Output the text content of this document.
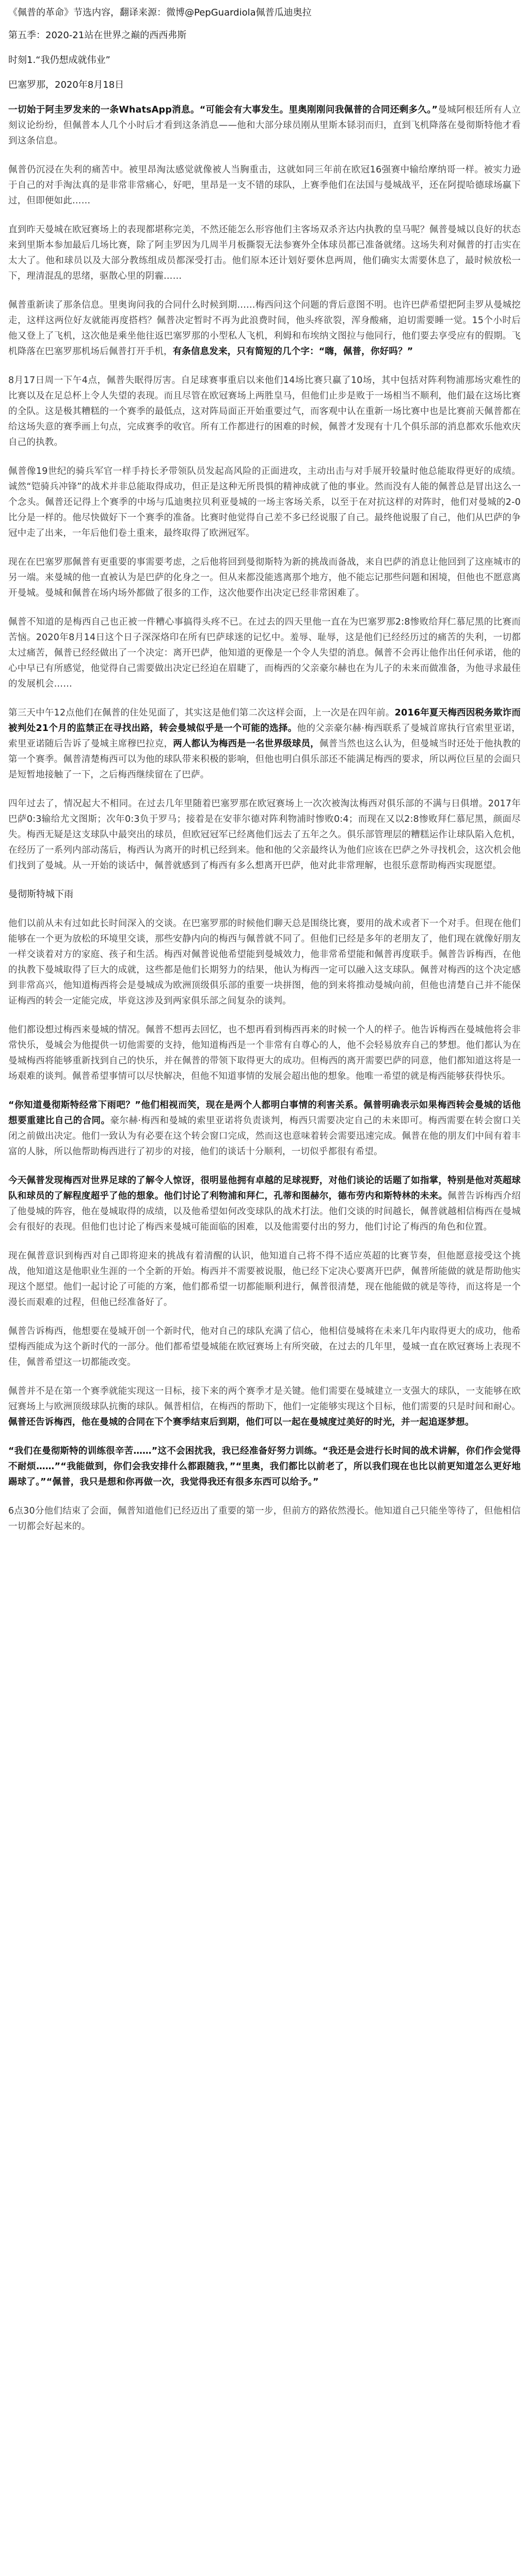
《佩普的革命》节选内容，翻译来源：微博@PepGuardiola佩普瓜迪奥拉
第五季：2020-21站在世界之巅的西西弗斯
时刻1.“我仍想成就伟业”
巴塞罗那，2020年8月18日
一切始于阿圭罗发来的一条WhatsApp消息。“可能会有大事发生。里奥刚刚问我佩普的合同还剩多久。”曼城阿根廷所有人立刻议论纷纷，但佩普本人几个小时后才看到这条消息——他和大部分球员刚从里斯本铩羽而归，直到飞机降落在曼彻斯特他才看到这条信息。
佩普仍沉浸在失利的痛苦中。被里昂淘汰感觉就像被人当胸重击，这就如同三年前在欧冠16强赛中输给摩纳哥一样。被实力逊于自己的对手淘汰真的是非常非常痛心，好吧，里昂是一支不错的球队，上赛季他们在法国与曼城战平，还在阿提哈德球场赢下过，但即便如此……
直到昨天曼城在欧冠赛场上的表现都堪称完美，不然还能怎么形容他们主客场双杀齐达内执教的皇马呢？佩普曼城以良好的状态来到里斯本参加最后几场比赛，除了阿圭罗因为几周半月板撕裂无法参赛外全体球员都已准备就绪。这场失利对佩普的打击实在太大了。他和球员以及大部分教练组成员都深受打击。他们原本还计划好要休息两周，他们确实太需要休息了，最时候放松一下，理清混乱的思绪，驱散心里的阴霾……
佩普重新读了那条信息。里奥询问我的合同什么时候到期……梅西问这个问题的背后意图不明。也许巴萨希望把阿圭罗从曼城挖走，这样这两位好友就能再度搭档？佩普决定暂时不再为此浪费时间，他头疼欲裂，浑身酸痛，迫切需要睡一觉。15个小时后他又登上了飞机，这次他是乘坐他往返巴塞罗那的小型私人飞机，利姆和布埃纳文图拉与他同行，他们要去享受应有的假期。飞机降落在巴塞罗那机场后佩普打开手机，有条信息发来，只有简短的几个字：“嗨，佩普，你好吗？”
8月17日周一下午4点，佩普失眠得厉害。自足球赛事重启以来他们14场比赛只赢了10场，其中包括对阵利物浦那场灾难性的比赛以及在足总杯上令人失望的表现。而且尽管在欧冠赛场上两胜皇马，但他们止步是败于一场相当不顺利，他们最在这场比赛的全队。这是极其糟糕的一个赛季的最低点，这对阵局面正开始重要过气，而客观中认在重新一场比赛中也是比赛前天佩普都在给这场失意的赛季画上句点，完成赛季的收官。所有工作都进行的困难的时候，佩普才发现有十几个俱乐部的消息都欢乐他欢庆自己的执教。
佩普像19世纪的骑兵军官一样手持长矛带领队员发起高风险的正面进攻，主动出击与对手展开较量时他总能取得更好的成绩。诚然“铠骑兵冲锋”的战术并非总能取得成功，但正是这种无所畏惧的精神成就了他的事业。然而没有人能的佩普总是冒出这么一个念头。佩普还记得上个赛季的中场与瓜迪奥拉贝利亚曼城的一场主客场关系，以至于在对抗这样的对阵时，他们对曼城的2-0比分是一样的。他尽快做好下一个赛季的准备。比赛时他觉得自己差不多已经说服了自己。最终他说服了自己，他们从巴萨的争冠中走了出来，一年后他们卷土重来，最终取得了欧洲冠军。
现在在巴塞罗那佩普有更重要的事需要考虑，之后他将回到曼彻斯特为新的挑战而备战，来自巴萨的消息让他回到了这座城市的另一端。来曼城的他一直被认为是巴萨的化身之一。但从来都没能逃离那个地方，他不能忘记那些问题和困境，但他也不愿意离开曼城。曼城和佩普在场内场外都做了很多的工作，这次他要作出决定已经非常困难了。
佩普不知道的是梅西自己也正被一件糟心事搞得头疼不已。在过去的四天里他一直在为巴塞罗那2:8惨败给拜仁慕尼黑的比赛而苦恼。2020年8月14日这个日子深深烙印在所有巴萨球迷的记忆中。羞辱、耻辱，这是他们已经经历过的痛苦的失利，一切都太过痛苦，佩普已经经做出了一个决定：离开巴萨，他知道的更像是一个令人失望的消息。佩普不会再让他作出任何承诺，他的心中早已有所感觉，他觉得自己需要做出决定已经迫在眉睫了，而梅西的父亲豪尔赫也在为儿子的未来而做准备，为他寻求最佳的发展机会……
第三天中午12点他们在佩普的住处见面了，其实这是他们第二次这样会面，上一次是在四年前。2016年夏天梅西因税务欺诈而被判处21个月的监禁正在寻找出路，转会曼城似乎是一个可能的选择。他的父亲豪尔赫·梅西联系了曼城首席执行官索里亚诺，索里亚诺随后告诉了曼城主席穆巴拉克，两人都认为梅西是一名世界级球员，佩普当然也这么认为，但曼城当时还处于他执教的第一个赛季。佩普清楚梅西可以为他的球队带来积极的影响，但他也明白俱乐部还不能满足梅西的要求，所以两位巨星的会面只是短暂地接触了一下，之后梅西继续留在了巴萨。
四年过去了，情况起大不相同。在过去几年里随着巴塞罗那在欧冠赛场上一次次被淘汰梅西对俱乐部的不满与日俱增。2017年巴萨0:3输给尤文图斯；次年0:3负于罗马；接着是在安菲尔德对阵利物浦时惨败0:4；而现在又以2:8惨败拜仁慕尼黑，颜面尽失。梅西无疑是这支球队中最突出的球员，但欧冠冠军已经离他们远去了五年之久。俱乐部管理层的糟糕运作让球队陷入危机，在经历了一系列内部动荡后，梅西认为离开的时机已经到来。他和他的父亲最终认为他们应该在巴萨之外寻找机会，这次机会他们找到了曼城。从一开始的谈话中，佩普就感到了梅西有多么想离开巴萨，他对此非常理解，也很乐意帮助梅西实现愿望。
曼彻斯特城下雨
他们以前从未有过如此长时间深入的交谈。在巴塞罗那的时候他们聊天总是围绕比赛，要用的战术或者下一个对手。但现在他们能够在一个更为放松的环境里交谈，那些安静内向的梅西与佩普就不同了。但他们已经是多年的老朋友了，他们现在就像好朋友一样交谈着对方的家庭、孩子和生活。梅西对佩普说他希望能到曼城效力，他非常希望能和佩普再度联手。佩普告诉梅西，在他的执教下曼城取得了巨大的成就，这些都是他们长期努力的结果，他认为梅西一定可以融入这支球队。佩普对梅西的这个决定感到非常高兴，他知道梅西将会是曼城成为欧洲顶级俱乐部的重要一块拼图，他的到来将推动曼城向前，但他也清楚自己并不能保证梅西的转会一定能完成，毕竟这涉及到两家俱乐部之间复杂的谈判。
他们都设想过梅西来曼城的情况。佩普不想再去回忆，也不想再看到梅西再来的时候一个人的样子。他告诉梅西在曼城他将会非常快乐，曼城会为他提供一切他需要的支持，他知道梅西是一个非常有自尊心的人，他不会轻易放弃自己的梦想。他们都认为在曼城梅西将能够重新找到自己的快乐，并在佩普的带领下取得更大的成功。但梅西的离开需要巴萨的同意，他们都知道这将是一场艰难的谈判。佩普希望事情可以尽快解决，但他不知道事情的发展会超出他的想象。他唯一希望的就是梅西能够获得快乐。
“你知道曼彻斯特经常下雨吧？”他们相视而笑，现在是两个人都明白事情的利害关系。佩普明确表示如果梅西转会曼城的话他想要重建比自己的合同。豪尔赫·梅西和曼城的索里亚诺将负责谈判，梅西只需要决定自己的未来即可。梅西需要在转会窗口关闭之前做出决定。他们一致认为有必要在这个转会窗口完成，然而这也意味着转会需要迅速完成。佩普在他的朋友们中间有着丰富的人脉，所以他帮助梅西进行了初步的对接，他们的谈话十分顺利，一切似乎都很有希望。
今天佩普发现梅西对世界足球的了解令人惊讶，很明显他拥有卓越的足球视野，对他们谈论的话题了如指掌，特别是他对英超球队和球员的了解程度超乎了他的想象。他们讨论了利物浦和拜仁，孔蒂和图赫尔，德布劳内和斯特林的未来。佩普告诉梅西介绍了他曼城的阵容，他在曼城取得的成绩，以及他希望如何改变球队的战术打法。他们交谈的时间越长，佩普就越相信梅西在曼城会有很好的表现。但他们也讨论了梅西来曼城可能面临的困难，以及他需要付出的努力，他们讨论了梅西的角色和位置。
现在佩普意识到梅西对自己即将迎来的挑战有着清醒的认识，他知道自己将不得不适应英超的比赛节奏，但他愿意接受这个挑战，他知道这是他职业生涯的一个全新的开始。梅西并不需要被说服，他已经下定决心要离开巴萨，佩普所能做的就是帮助他实现这个愿望。他们一起讨论了可能的方案，他们都希望一切都能顺利进行，佩普很清楚，现在他能做的就是等待，而这将是一个漫长而艰难的过程，但他已经准备好了。
佩普告诉梅西，他想要在曼城开创一个新时代，他对自己的球队充满了信心，他相信曼城将在未来几年内取得更大的成功，他希望梅西能成为这个新时代的一部分。他们都希望曼城能在欧冠赛场上有所突破，在过去的几年里，曼城一直在欧冠赛场上表现不佳，佩普希望这一切都能改变。
佩普并不是在第一个赛季就能实现这一目标，接下来的两个赛季才是关键。他们需要在曼城建立一支强大的球队，一支能够在欧冠赛场上与欧洲顶级球队抗衡的球队。佩普相信，在梅西的帮助下，他们一定能够实现这个目标，他们需要的只是时间和耐心。佩普还告诉梅西，他在曼城的合同在下个赛季结束后到期，他们可以一起在曼城度过美好的时光，并一起追逐梦想。
“我们在曼彻斯特的训练很辛苦……”这不会困扰我，我已经准备好努力训练。“我还是会进行长时间的战术讲解，你们作会觉得不耐烦……”“我能做到，你们会我安排什么都跟随我，”“里奥，我们都比以前老了，所以我们现在也比以前更知道怎么更好地踢球了。”“佩普，我只是想和你再做一次，我觉得我还有很多东西可以给予。”
6点30分他们结束了会面，佩普知道他们已经迈出了重要的第一步，但前方的路依然漫长。他知道自己只能坐等待了，但他相信一切都会好起来的。
